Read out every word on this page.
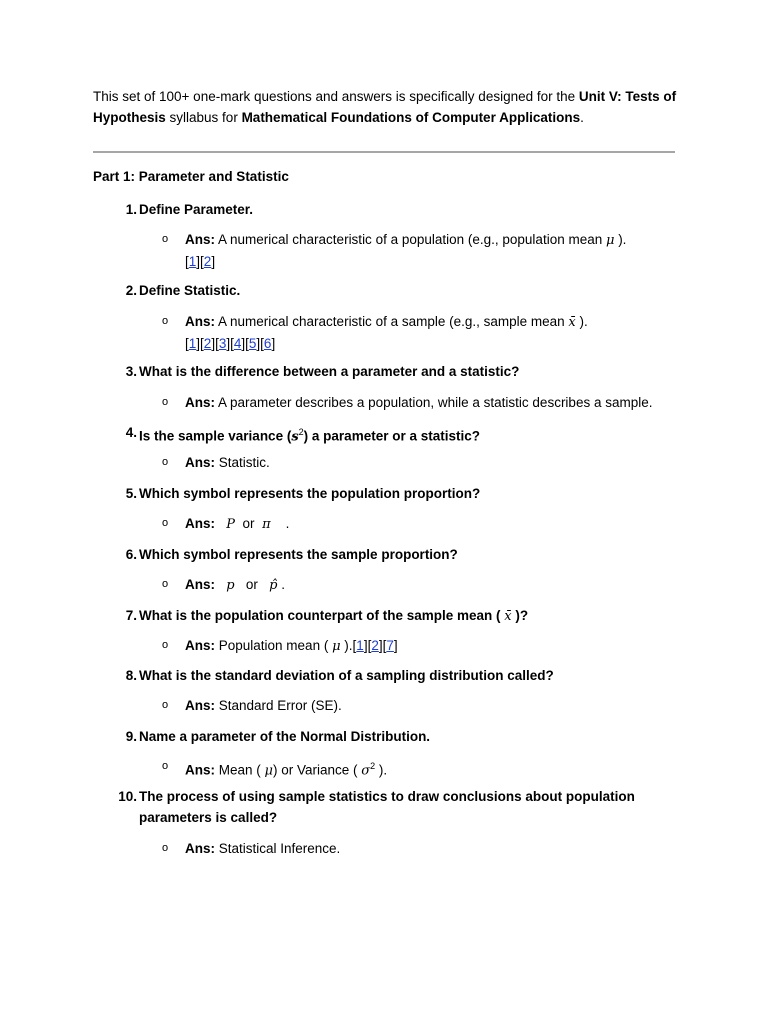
This set of 100+ one-mark questions and answers is specifically designed for the Unit V: Tests of Hypothesis syllabus for Mathematical Foundations of Computer Applications.
Part 1: Parameter and Statistic
1. Define Parameter.
o Ans: A numerical characteristic of a population (e.g., population mean μ ).
[1][2]
2. Define Statistic.
o Ans: A numerical characteristic of a sample (e.g., sample mean x̄ ).
[1][2][3][4][5][6]
3. What is the difference between a parameter and a statistic?
o Ans: A parameter describes a population, while a statistic describes a sample.
4. Is the sample variance $(s^2)$ a parameter or a statistic?
o Ans: Statistic.
5. Which symbol represents the population proportion?
o Ans: P or π .
6. Which symbol represents the sample proportion?
o Ans: p or p̂ .
7. What is the population counterpart of the sample mean ( x̄ )?
o Ans: Population mean ( μ ).[1][2][7]
8. What is the standard deviation of a sampling distribution called?
o Ans: Standard Error (SE).
9. Name a parameter of the Normal Distribution.
o Ans: Mean ( μ) or Variance ( $\sigma^2$ ).
10. The process of using sample statistics to draw conclusions about population parameters is called?
o Ans: Statistical Inference.
